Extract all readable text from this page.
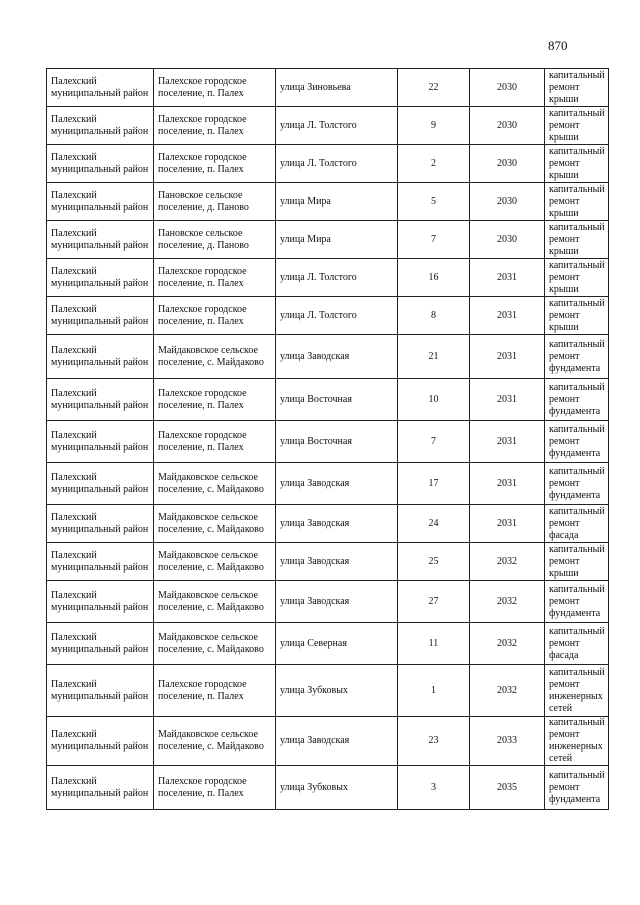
870
Палехский муниципальный район	Палехское городское поселение, п. Палех	улица Зиновьева	22	2030	капитальный ремонт крыши
Палехский муниципальный район	Палехское городское поселение, п. Палех	улица Л. Толстого	9	2030	капитальный ремонт крыши
Палехский муниципальный район	Палехское городское поселение, п. Палех	улица Л. Толстого	2	2030	капитальный ремонт крыши
Палехский муниципальный район	Пановское сельское поселение, д. Паново	улица Мира	5	2030	капитальный ремонт крыши
Палехский муниципальный район	Пановское сельское поселение, д. Паново	улица Мира	7	2030	капитальный ремонт крыши
Палехский муниципальный район	Палехское городское поселение, п. Палех	улица Л. Толстого	16	2031	капитальный ремонт крыши
Палехский муниципальный район	Палехское городское поселение, п. Палех	улица Л. Толстого	8	2031	капитальный ремонт крыши
Палехский муниципальный район	Майдаковское сельское поселение, с. Майдаково	улица Заводская	21	2031	капитальный ремонт фундамента
Палехский муниципальный район	Палехское городское поселение, п. Палех	улица Восточная	10	2031	капитальный ремонт фундамента
Палехский муниципальный район	Палехское городское поселение, п. Палех	улица Восточная	7	2031	капитальный ремонт фундамента
Палехский муниципальный район	Майдаковское сельское поселение, с. Майдаково	улица Заводская	17	2031	капитальный ремонт фундамента
Палехский муниципальный район	Майдаковское сельское поселение, с. Майдаково	улица Заводская	24	2031	капитальный ремонт фасада
Палехский муниципальный район	Майдаковское сельское поселение, с. Майдаково	улица Заводская	25	2032	капитальный ремонт крыши
Палехский муниципальный район	Майдаковское сельское поселение, с. Майдаково	улица Заводская	27	2032	капитальный ремонт фундамента
Палехский муниципальный район	Майдаковское сельское поселение, с. Майдаково	улица Северная	11	2032	капитальный ремонт фасада
Палехский муниципальный район	Палехское городское поселение, п. Палех	улица Зубковых	1	2032	капитальный ремонт инженерных сетей
Палехский муниципальный район	Майдаковское сельское поселение, с. Майдаково	улица Заводская	23	2033	капитальный ремонт инженерных сетей
Палехский муниципальный район	Палехское городское поселение, п. Палех	улица Зубковых	3	2035	капитальный ремонт фундамента
